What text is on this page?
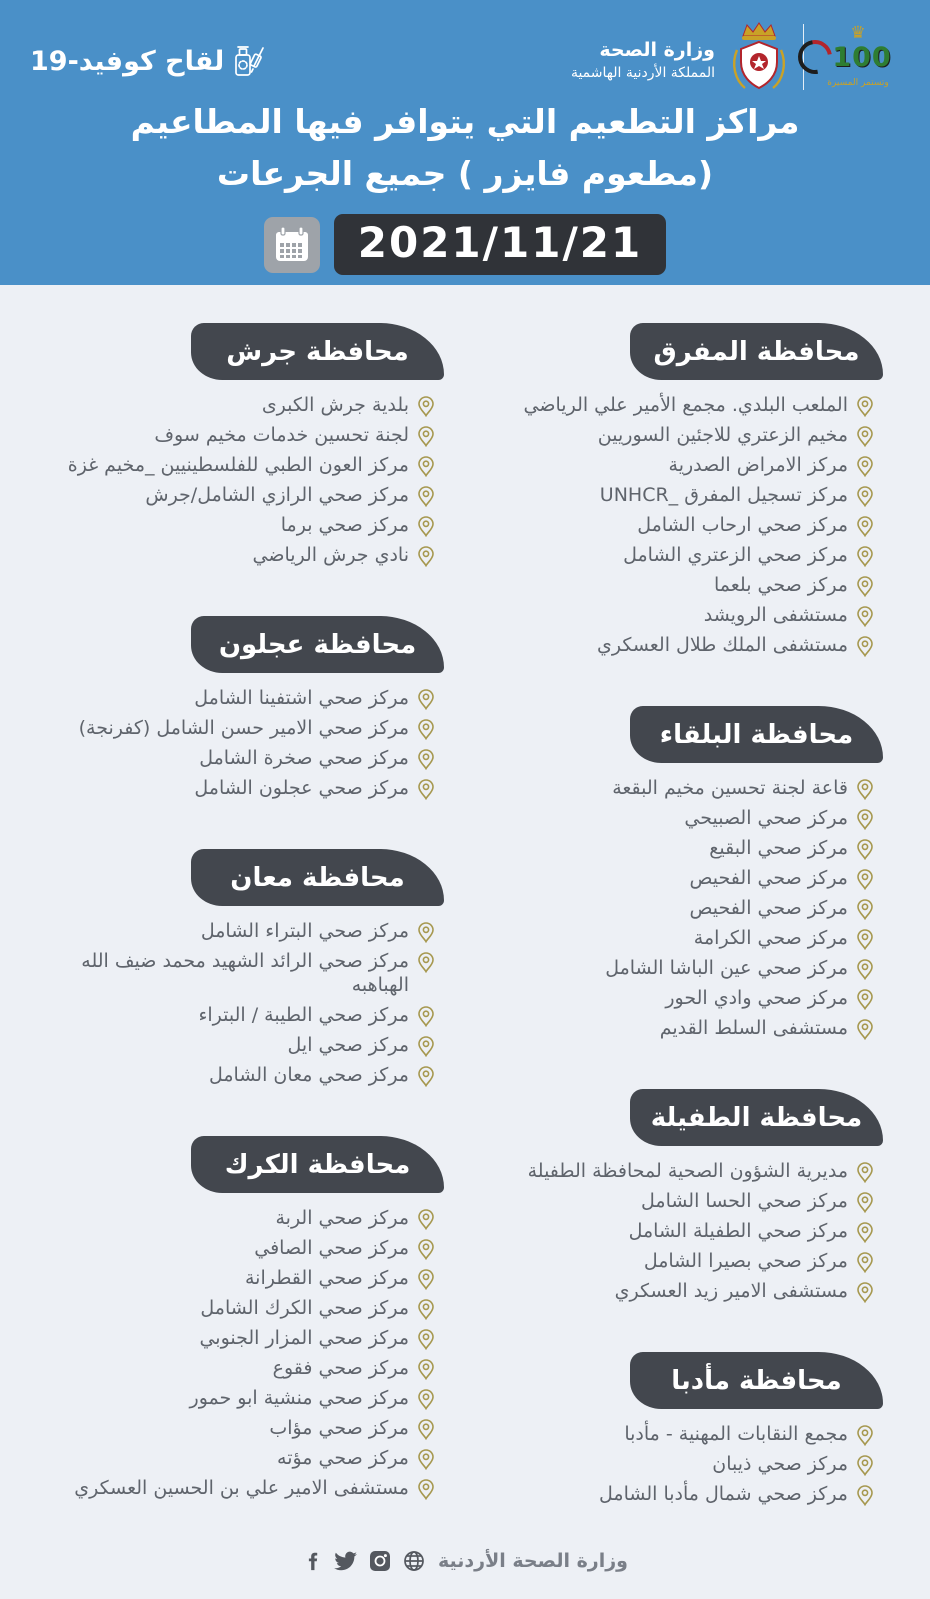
♛
100
وتستمر المسيرة
وزارة الصحة
المملكة الأردنية الهاشمية
لقاح كوفيد-19
مراكز التطعيم التي يتوافر فيها المطاعيم
(مطعوم فايزر ) جميع الجرعات
2021/11/21
محافظة المفرق
الملعب البلدي. مجمع الأمير علي الرياضي
مخيم الزعتري للاجئين السوريين
مركز الامراض الصدرية
مركز تسجيل المفرق _UNHCR
مركز صحي ارحاب الشامل
مركز صحي الزعتري الشامل
مركز صحي بلعما
مستشفى الرويشد
مستشفى الملك طلال العسكري
محافظة البلقاء
قاعة لجنة تحسين مخيم البقعة
مركز صحي الصبيحي
مركز صحي البقيع
مركز صحي الفحيص
مركز صحي الفحيص
مركز صحي الكرامة
مركز صحي عين الباشا الشامل
مركز صحي وادي الحور
مستشفى السلط القديم
محافظة الطفيلة
مديرية الشؤون الصحية لمحافظة الطفيلة
مركز صحي الحسا الشامل
مركز صحي الطفيلة الشامل
مركز صحي بصيرا الشامل
مستشفى الامير زيد العسكري
محافظة مأدبا
مجمع النقابات المهنية - مأدبا
مركز صحي ذيبان
مركز صحي شمال مأدبا الشامل
محافظة جرش
بلدية جرش الكبرى
لجنة تحسين خدمات مخيم سوف
مركز العون الطبي للفلسطينيين _مخيم غزة
مركز صحي الرازي الشامل/جرش
مركز صحي برما
نادي جرش الرياضي
محافظة عجلون
مركز صحي اشتفينا الشامل
مركز صحي الامير حسن الشامل (كفرنجة)
مركز صحي صخرة الشامل
مركز صحي عجلون الشامل
محافظة معان
مركز صحي البتراء الشامل
مركز صحي الرائد الشهيد محمد ضيف الله الهباهبه
مركز صحي الطيبة / البتراء
مركز صحي ايل
مركز صحي معان الشامل
محافظة الكرك
مركز صحي الربة
مركز صحي الصافي
مركز صحي القطرانة
مركز صحي الكرك الشامل
مركز صحي المزار الجنوبي
مركز صحي فقوع
مركز صحي منشية ابو حمور
مركز صحي مؤاب
مركز صحي مؤته
مستشفى الامير علي بن الحسين العسكري
وزارة الصحة الأردنية
